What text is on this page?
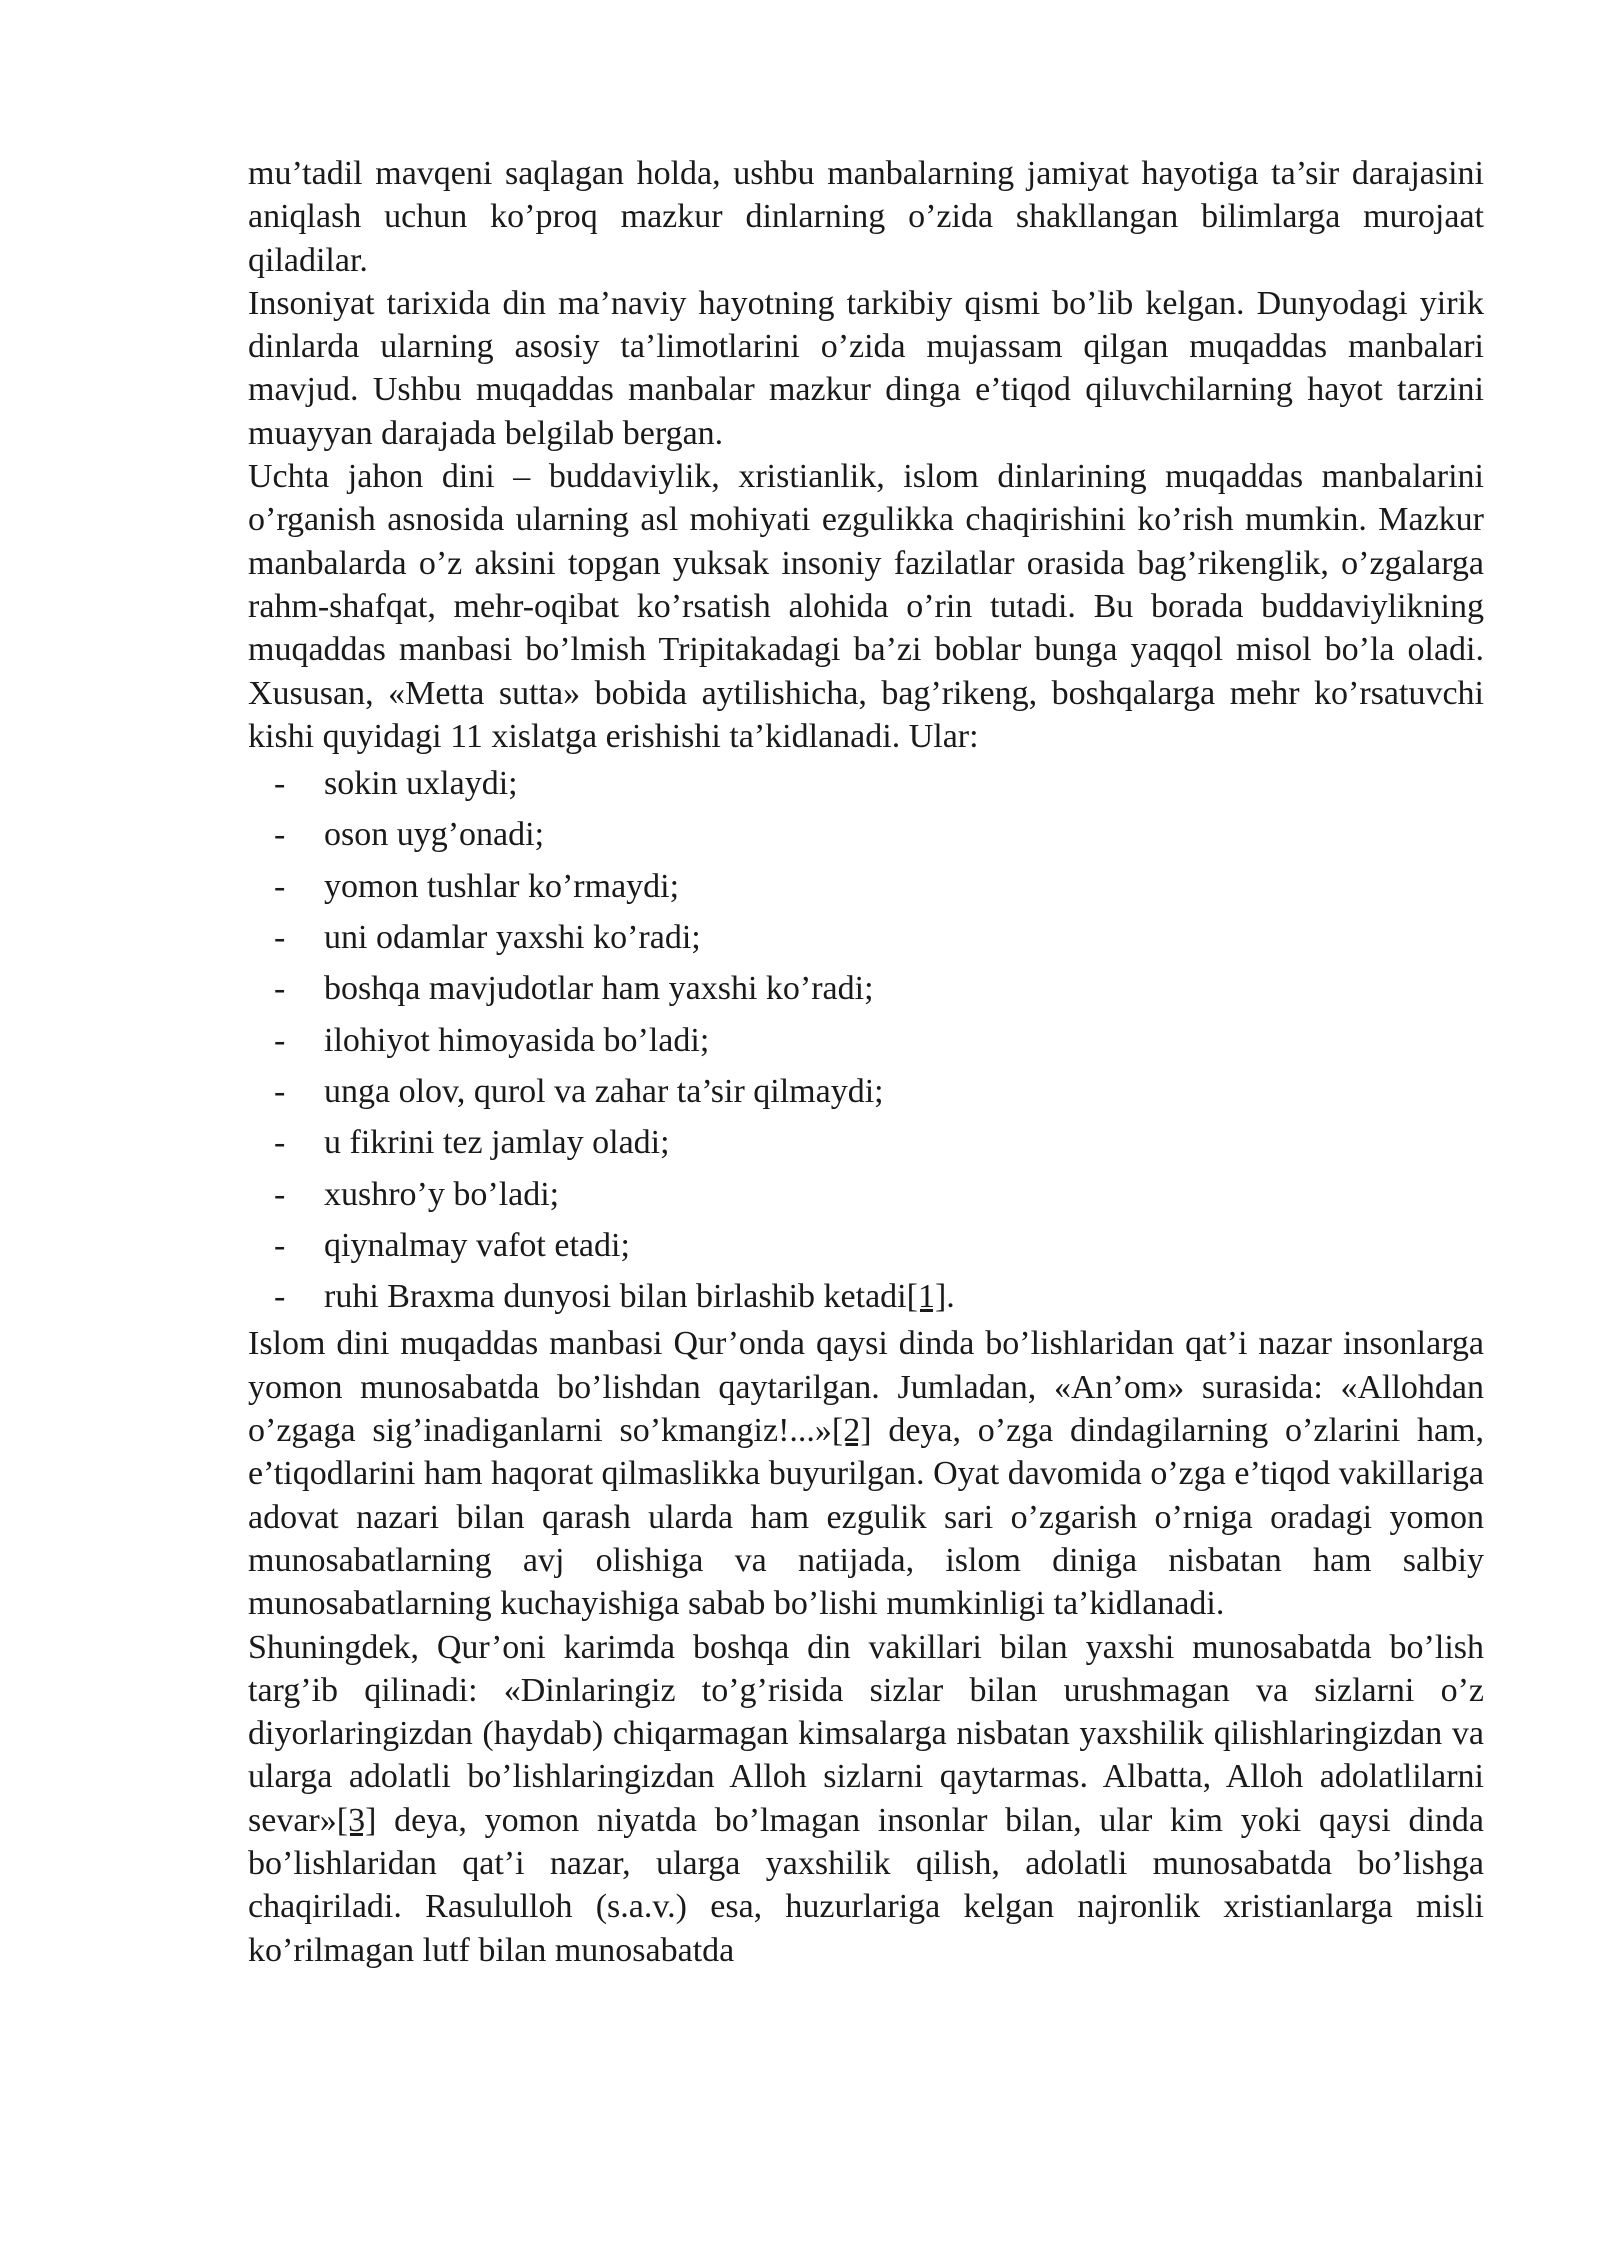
mu’tadil mavqeni saqlagan holda, ushbu manbalarning jamiyat hayotiga ta’sir darajasini aniqlash uchun ko’proq mazkur dinlarning o’zida shakllangan bilimlarga murojaat qiladilar.

Insoniyat tarixida din ma’naviy hayotning tarkibiy qismi bo’lib kelgan. Dunyodagi yirik dinlarda ularning asosiy ta’limotlarini o’zida mujassam qilgan muqaddas manbalari mavjud. Ushbu muqaddas manbalar mazkur dinga e’tiqod qiluvchilarning hayot tarzini muayyan darajada belgilab bergan.

Uchta jahon dini – buddaviylik, xristianlik, islom dinlarining muqaddas manbalarini o’rganish asnosida ularning asl mohiyati ezgulikka chaqirishini ko’rish mumkin. Mazkur manbalarda o’z aksini topgan yuksak insoniy fazilatlar orasida bag’rikenglik, o’zgalarga rahm-shafqat, mehr-oqibat ko’rsatish alohida o’rin tutadi. Bu borada buddaviylikning muqaddas manbasi bo’lmish Tripitakadagi ba’zi boblar bunga yaqqol misol bo’la oladi. Xususan, «Metta sutta» bobida aytilishicha, bag’rikeng, boshqalarga mehr ko’rsatuvchi kishi quyidagi 11 xislatga erishishi ta’kidlanadi. Ular:

- sokin uxlaydi;
- oson uyg’onadi;
- yomon tushlar ko’rmaydi;
- uni odamlar yaxshi ko’radi;
- boshqa mavjudotlar ham yaxshi ko’radi;
- ilohiyot himoyasida bo’ladi;
- unga olov, qurol va zahar ta’sir qilmaydi;
- u fikrini tez jamlay oladi;
- xushro’y bo’ladi;
- qiynalmay vafot etadi;
- ruhi Braxma dunyosi bilan birlashib ketadi[1].

Islom dini muqaddas manbasi Qur’onda qaysi dinda bo’lishlaridan qat’i nazar insonlarga yomon munosabatda bo’lishdan qaytarilgan. Jumladan, «An’om» surasida: «Allohdan o’zgaga sig’inadiganlarni so’kmangiz!...»[2] deya, o’zga dindagilarning o’zlarini ham, e’tiqodlarini ham haqorat qilmaslikka buyurilgan. Oyat davomida o’zga e’tiqod vakillariga adovat nazari bilan qarash ularda ham ezgulik sari o’zgarish o’rniga oradagi yomon munosabatlarning avj olishiga va natijada, islom diniga nisbatan ham salbiy munosabatlarning kuchayishiga sabab bo’lishi mumkinligi ta’kidlanadi.

Shuningdek, Qur’oni karimda boshqa din vakillari bilan yaxshi munosabatda bo’lish targ’ib qilinadi: «Dinlaringiz to’g’risida sizlar bilan urushmagan va sizlarni o’z diyorlaringizdan (haydab) chiqarmagan kimsalarga nisbatan yaxshilik qilishlaringizdan va ularga adolatli bo’lishlaringizdan Alloh sizlarni qaytarmas. Albatta, Alloh adolatlilarni sevar»[3] deya, yomon niyatda bo’lmagan insonlar bilan, ular kim yoki qaysi dinda bo’lishlaridan qat’i nazar, ularga yaxshilik qilish, adolatli munosabatda bo’lishga chaqiriladi. Rasululloh (s.a.v.) esa, huzurlariga kelgan najronlik xristianlarga misli ko’rilmagan lutf bilan munosabatda
